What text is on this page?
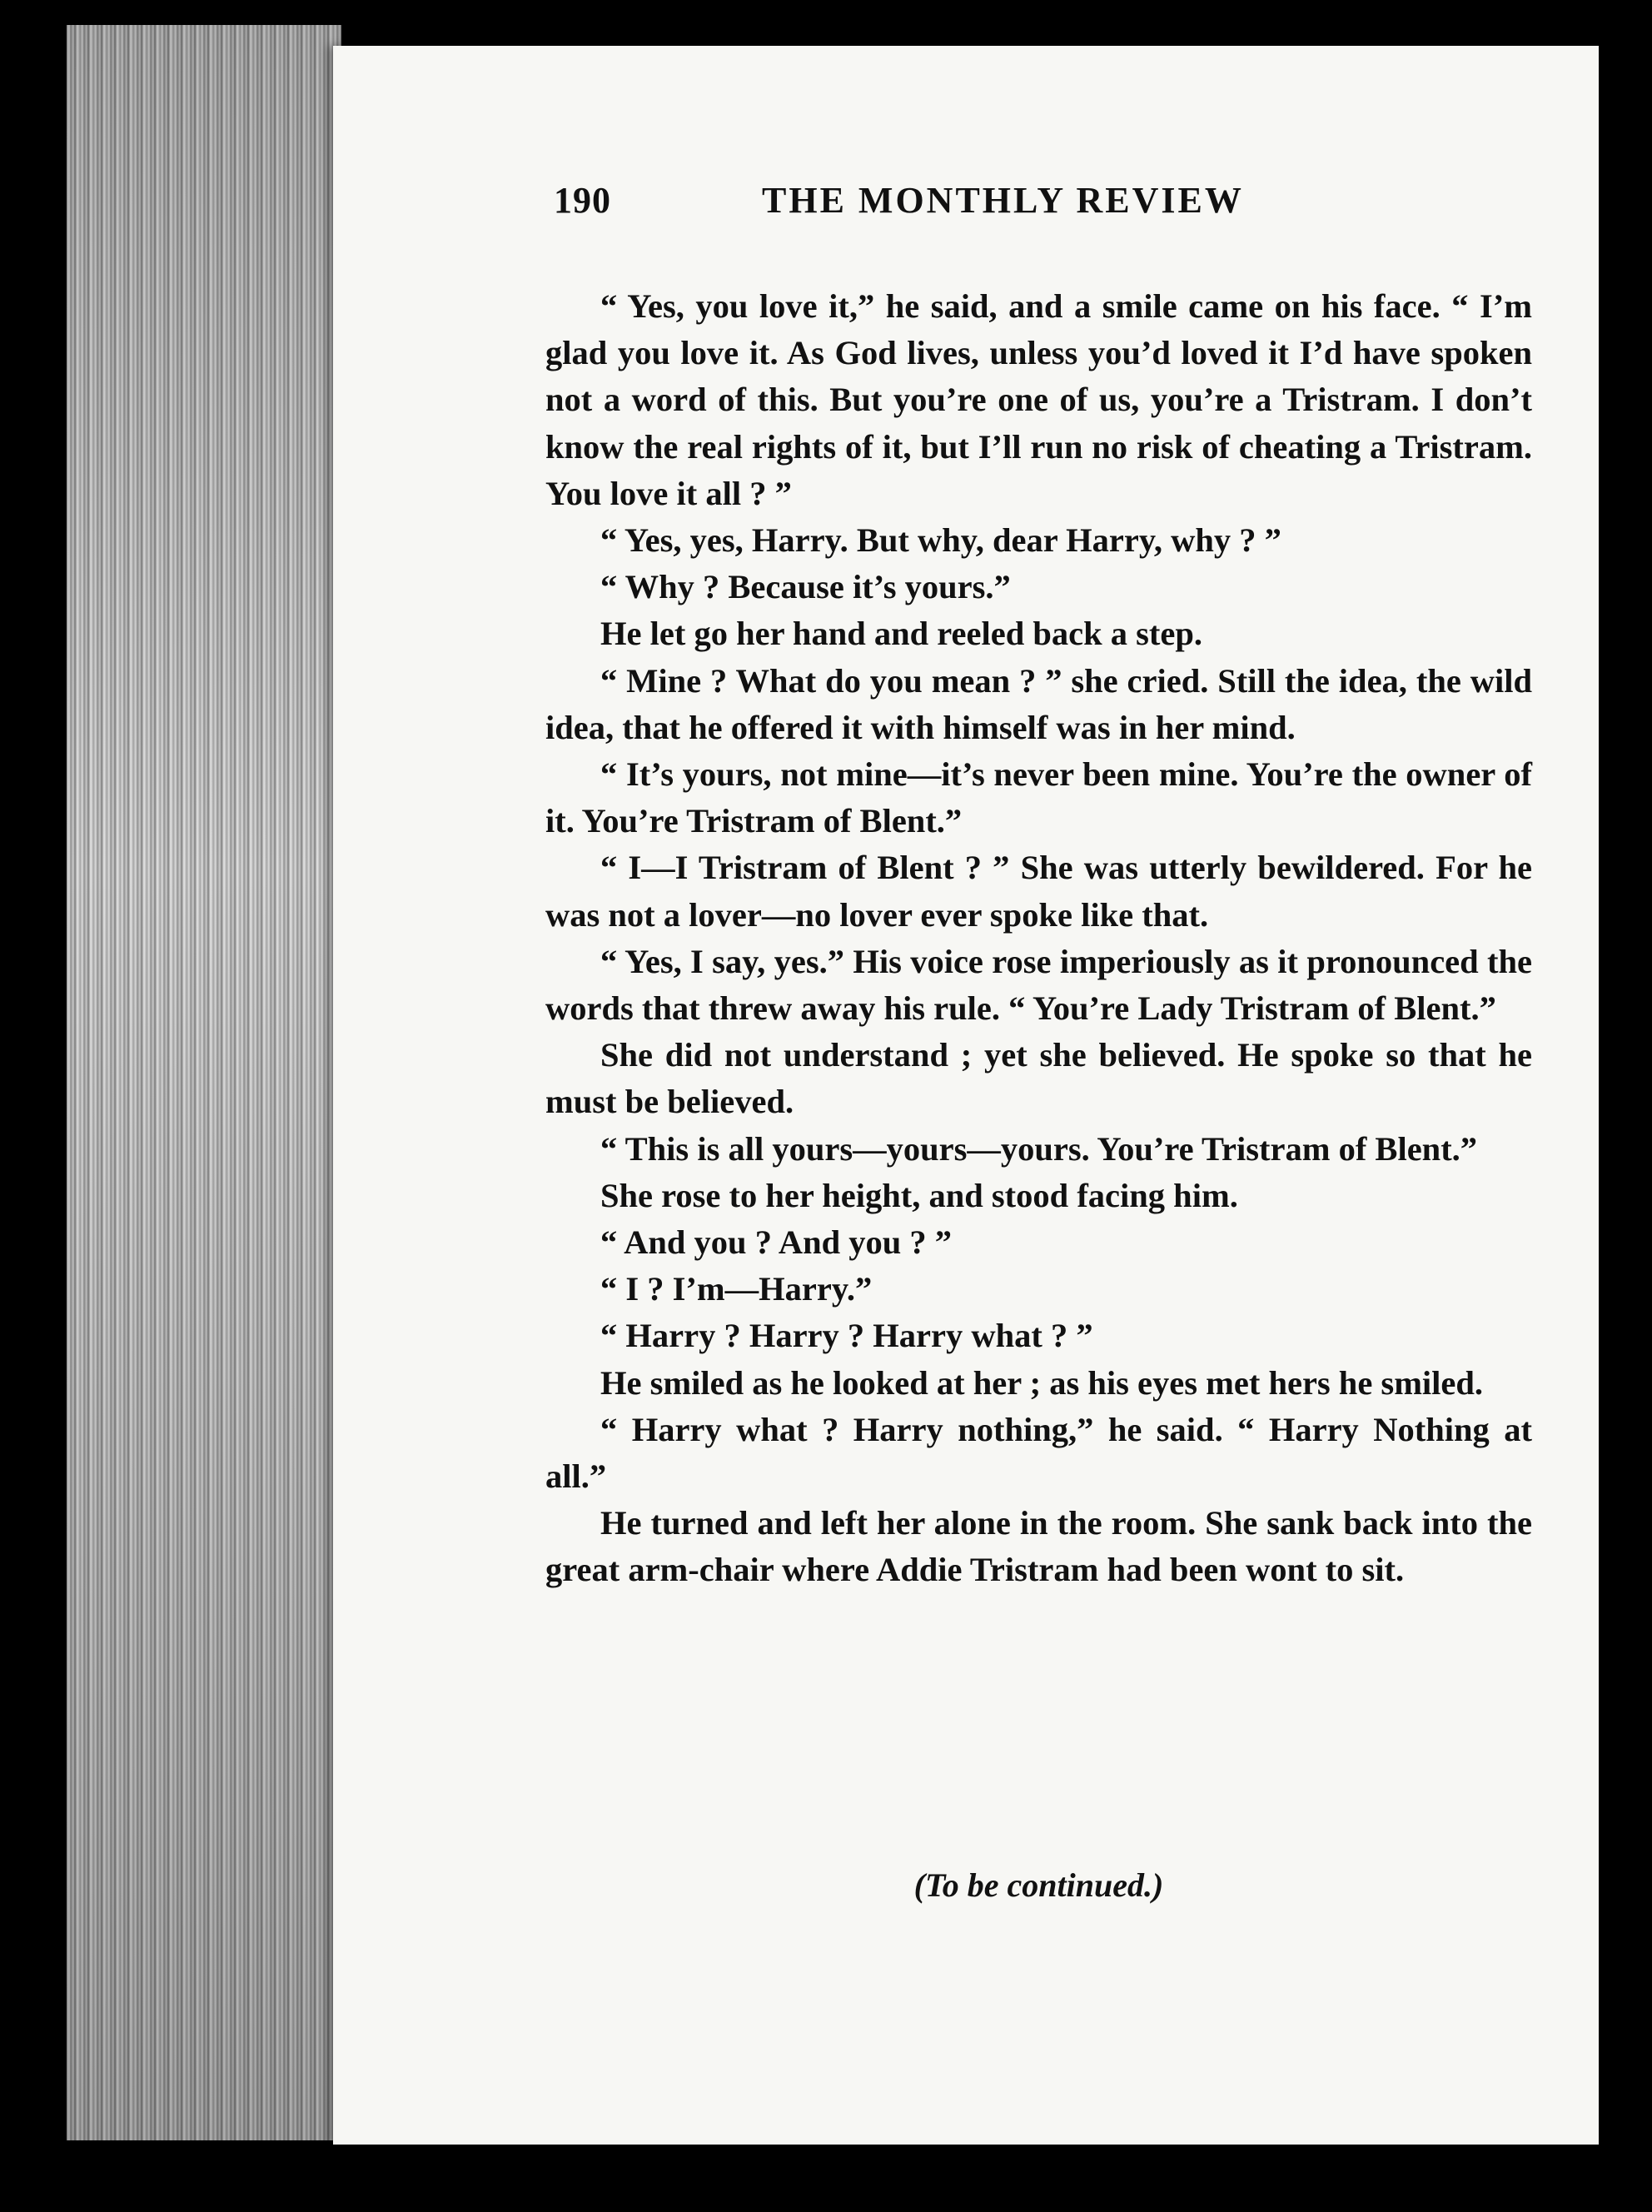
190	THE MONTHLY REVIEW

“ Yes, you love it,” he said, and a smile came on his face. “ I’m glad you love it. As God lives, unless you’d loved it I’d have spoken not a word of this. But you’re one of us, you’re a Tristram. I don’t know the real rights of it, but I’ll run no risk of cheating a Tristram. You love it all ? ”

“ Yes, yes, Harry. But why, dear Harry, why ? ”

“ Why ? Because it’s yours.”

He let go her hand and reeled back a step.

“ Mine ? What do you mean ? ” she cried. Still the idea, the wild idea, that he offered it with himself was in her mind.

“ It’s yours, not mine—it’s never been mine. You’re the owner of it. You’re Tristram of Blent.”

“ I—I Tristram of Blent ? ” She was utterly bewildered. For he was not a lover—no lover ever spoke like that.

“ Yes, I say, yes.” His voice rose imperiously as it pronounced the words that threw away his rule. “ You’re Lady Tristram of Blent.”

She did not understand ; yet she believed. He spoke so that he must be believed.

“ This is all yours—yours—yours. You’re Tristram of Blent.”

She rose to her height, and stood facing him.

“ And you ? And you ? ”

“ I ? I’m—Harry.”

“ Harry ? Harry ? Harry what ? ”

He smiled as he looked at her ; as his eyes met hers he smiled.

“ Harry what ? Harry nothing,” he said. “ Harry Nothing at all.”

He turned and left her alone in the room. She sank back into the great arm-chair where Addie Tristram had been wont to sit.

(To be continued.)
